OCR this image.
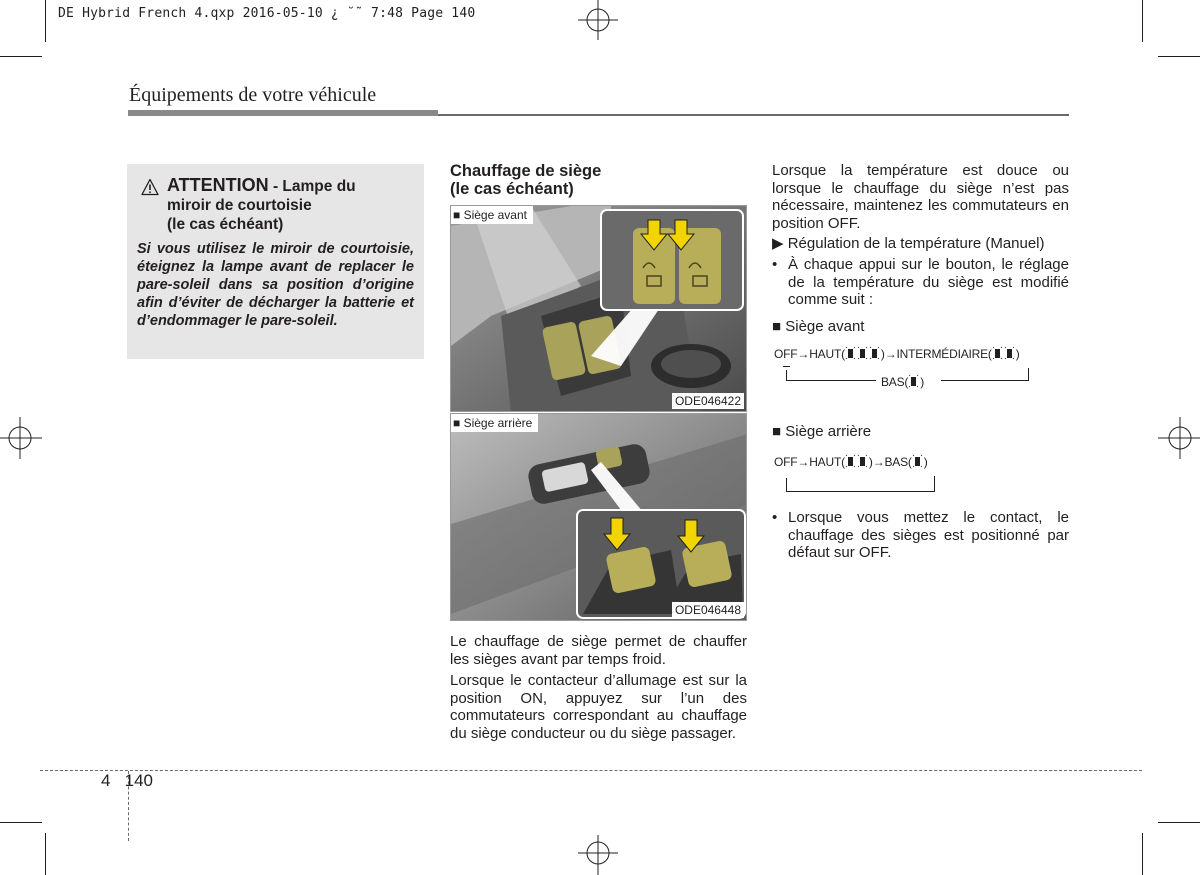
DE Hybrid French 4.qxp 2016-05-10 ¿ ˘˜ 7:48 Page 140
Équipements de votre véhicule
ATTENTION - Lampe du
miroir de courtoisie
(le cas échéant)
Si vous utilisez le miroir de courtoisie, éteignez la lampe avant de replacer le pare-soleil dans sa position d’origine afin d’éviter de décharger la batterie et d’endommager le pare-soleil.
Chauffage de siège
(le cas échéant)
■ Siège avant
ODE046422
■ Siège arrière
ODE046448
Le chauffage de siège permet de chauffer les sièges avant par temps froid.
Lorsque le contacteur d’allumage est sur la position ON, appuyez sur l’un des commutateurs correspondant au chauffage du siège conducteur ou du siège passager.
Lorsque la température est douce ou lorsque le chauffage du siège n’est pas nécessaire, maintenez les commutateurs en position OFF.
▶ Régulation de la température (Manuel)
• À chaque appui sur le bouton, le réglage de la température du siège est modifié comme suit :
■ Siège avant
OFF→HAUT(	)→INTERMÉDIAIRE( )
BAS( )
■ Siège arrière
OFF→HAUT( )→BAS( )
• Lorsque vous mettez le contact, le chauffage des sièges est positionné par défaut sur OFF.
4 140
